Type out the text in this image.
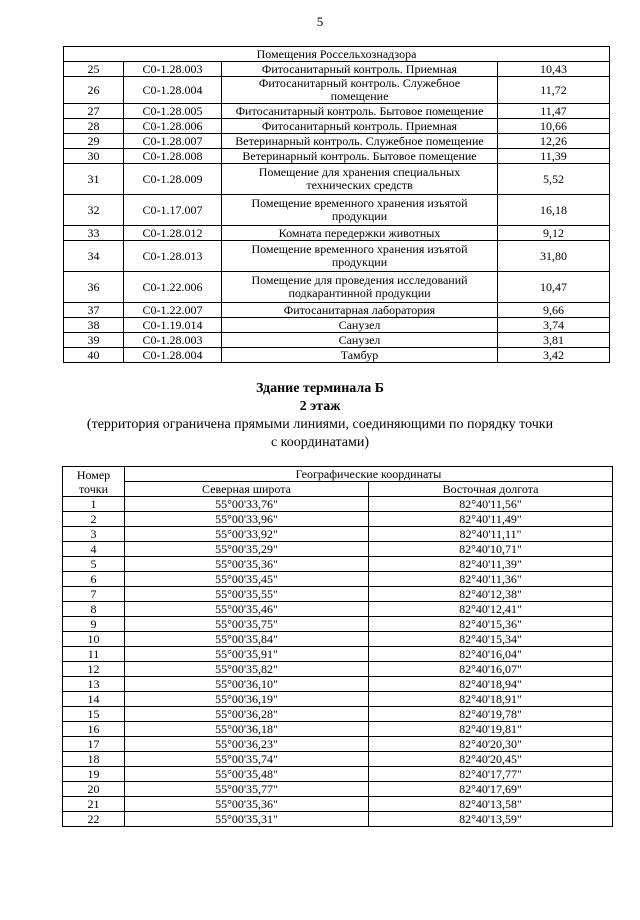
5
Помещения Россельхознадзора			
25	С0-1.28.003	Фитосанитарный контроль. Приемная	10,43
26	С0-1.28.004	Фитосанитарный контроль. Служебное помещение	11,72
27	С0-1.28.005	Фитосанитарный контроль. Бытовое помещение	11,47
28	С0-1.28.006	Фитосанитарный контроль. Приемная	10,66
29	С0-1.28.007	Ветеринарный контроль. Служебное помещение	12,26
30	С0-1.28.008	Ветеринарный контроль. Бытовое помещение	11,39
31	С0-1.28.009	Помещение для хранения специальных технических средств	5,52
32	С0-1.17.007	Помещение временного хранения изъятой продукции	16,18
33	С0-1.28.012	Комната передержки животных	9,12
34	С0-1.28.013	Помещение временного хранения изъятой продукции	31,80
36	С0-1.22.006	Помещение для проведения исследований подкарантинной продукции	10,47
37	С0-1.22.007	Фитосанитарная лаборатория	9,66
38	С0-1.19.014	Санузел	3,74
39	С0-1.28.003	Санузел	3,81
40	С0-1.28.004	Тамбур	3,42
Здание терминала Б
2 этаж
(территория ограничена прямыми линиями, соединяющими по порядку точки
с координатами)
Номер точки	Географические координаты	
	Северная широта	Восточная долгота
1	55°00'33,76"	82°40'11,56"
2	55°00'33,96"	82°40'11,49"
3	55°00'33,92"	82°40'11,11"
4	55°00'35,29"	82°40'10,71"
5	55°00'35,36"	82°40'11,39"
6	55°00'35,45"	82°40'11,36"
7	55°00'35,55"	82°40'12,38"
8	55°00'35,46"	82°40'12,41"
9	55°00'35,75"	82°40'15,36"
10	55°00'35,84"	82°40'15,34"
11	55°00'35,91"	82°40'16,04"
12	55°00'35,82"	82°40'16,07"
13	55°00'36,10"	82°40'18,94"
14	55°00'36,19"	82°40'18,91"
15	55°00'36,28"	82°40'19,78"
16	55°00'36,18"	82°40'19,81"
17	55°00'36,23"	82°40'20,30"
18	55°00'35,74"	82°40'20,45"
19	55°00'35,48"	82°40'17,77"
20	55°00'35,77"	82°40'17,69"
21	55°00'35,36"	82°40'13,58"
22	55°00'35,31"	82°40'13,59"
